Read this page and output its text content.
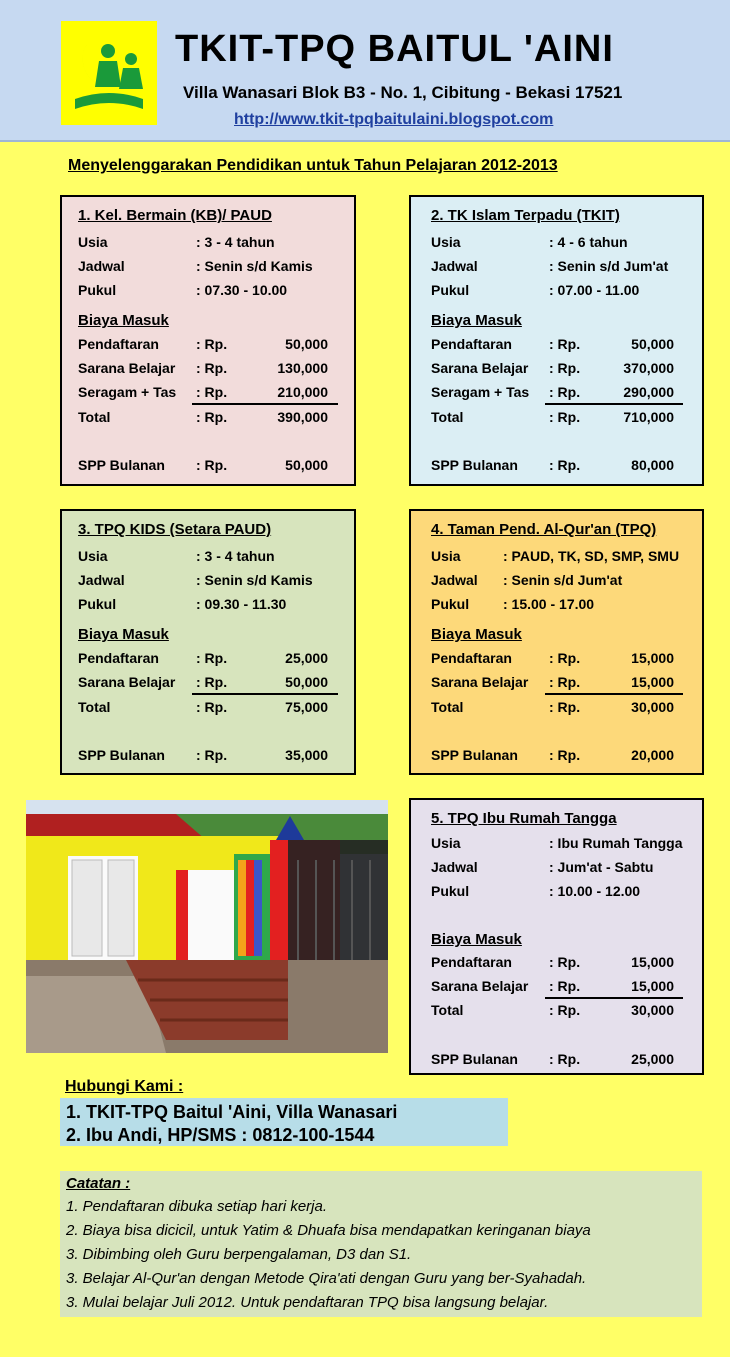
TKIT-TPQ BAITUL 'AINI
Villa Wanasari Blok B3 - No. 1, Cibitung - Bekasi 17521
http://www.tkit-tpqbaitulaini.blogspot.com
Menyelenggarakan Pendidikan untuk Tahun Pelajaran 2012-2013
1. Kel. Bermain (KB)/ PAUD
Usia	: 3 - 4 tahun
Jadwal	: Senin s/d Kamis
Pukul	: 07.30 - 10.00
Biaya Masuk
Pendaftaran	: Rp.	50,000
Sarana Belajar : Rp.	130,000
Seragam + Tas : Rp.	210,000
Total	: Rp.	390,000
SPP Bulanan : Rp.	50,000
2. TK Islam Terpadu (TKIT)
Usia	: 4 - 6 tahun
Jadwal	: Senin s/d Jum'at
Pukul	: 07.00 - 11.00
Biaya Masuk
Pendaftaran	: Rp.	50,000
Sarana Belajar : Rp.	370,000
Seragam + Tas : Rp.	290,000
Total	: Rp.	710,000
SPP Bulanan : Rp.	80,000
3. TPQ KIDS (Setara PAUD)
Usia	: 3 - 4 tahun
Jadwal	: Senin s/d Kamis
Pukul	: 09.30 - 11.30
Biaya Masuk
Pendaftaran	: Rp.	25,000
Sarana Belajar : Rp.	50,000
Total	: Rp.	75,000
SPP Bulanan : Rp.	35,000
4. Taman Pend. Al-Qur'an (TPQ)
Usia	: PAUD, TK, SD, SMP, SMU
Jadwal : Senin s/d Jum'at
Pukul : 15.00 - 17.00
Biaya Masuk
Pendaftaran	: Rp.	15,000
Sarana Belajar : Rp.	15,000
Total	: Rp.	30,000
SPP Bulanan : Rp.	20,000
5. TPQ Ibu Rumah Tangga
Usia	: Ibu Rumah Tangga
Jadwal	: Jum'at - Sabtu
Pukul	: 10.00 - 12.00
Biaya Masuk
Pendaftaran	: Rp.	15,000
Sarana Belajar : Rp.	15,000
Total	: Rp.	30,000
SPP Bulanan : Rp.	25,000
Hubungi Kami :
1. TKIT-TPQ Baitul 'Aini, Villa Wanasari
2. Ibu Andi, HP/SMS : 0812-100-1544
Catatan :
1. Pendaftaran dibuka setiap hari kerja.
2. Biaya bisa dicicil, untuk Yatim & Dhuafa bisa mendapatkan keringanan biaya
3. Dibimbing oleh Guru berpengalaman, D3 dan S1.
3. Belajar Al-Qur'an dengan Metode Qira'ati dengan Guru yang ber-Syahadah.
3. Mulai belajar Juli 2012. Untuk pendaftaran TPQ bisa langsung belajar.
